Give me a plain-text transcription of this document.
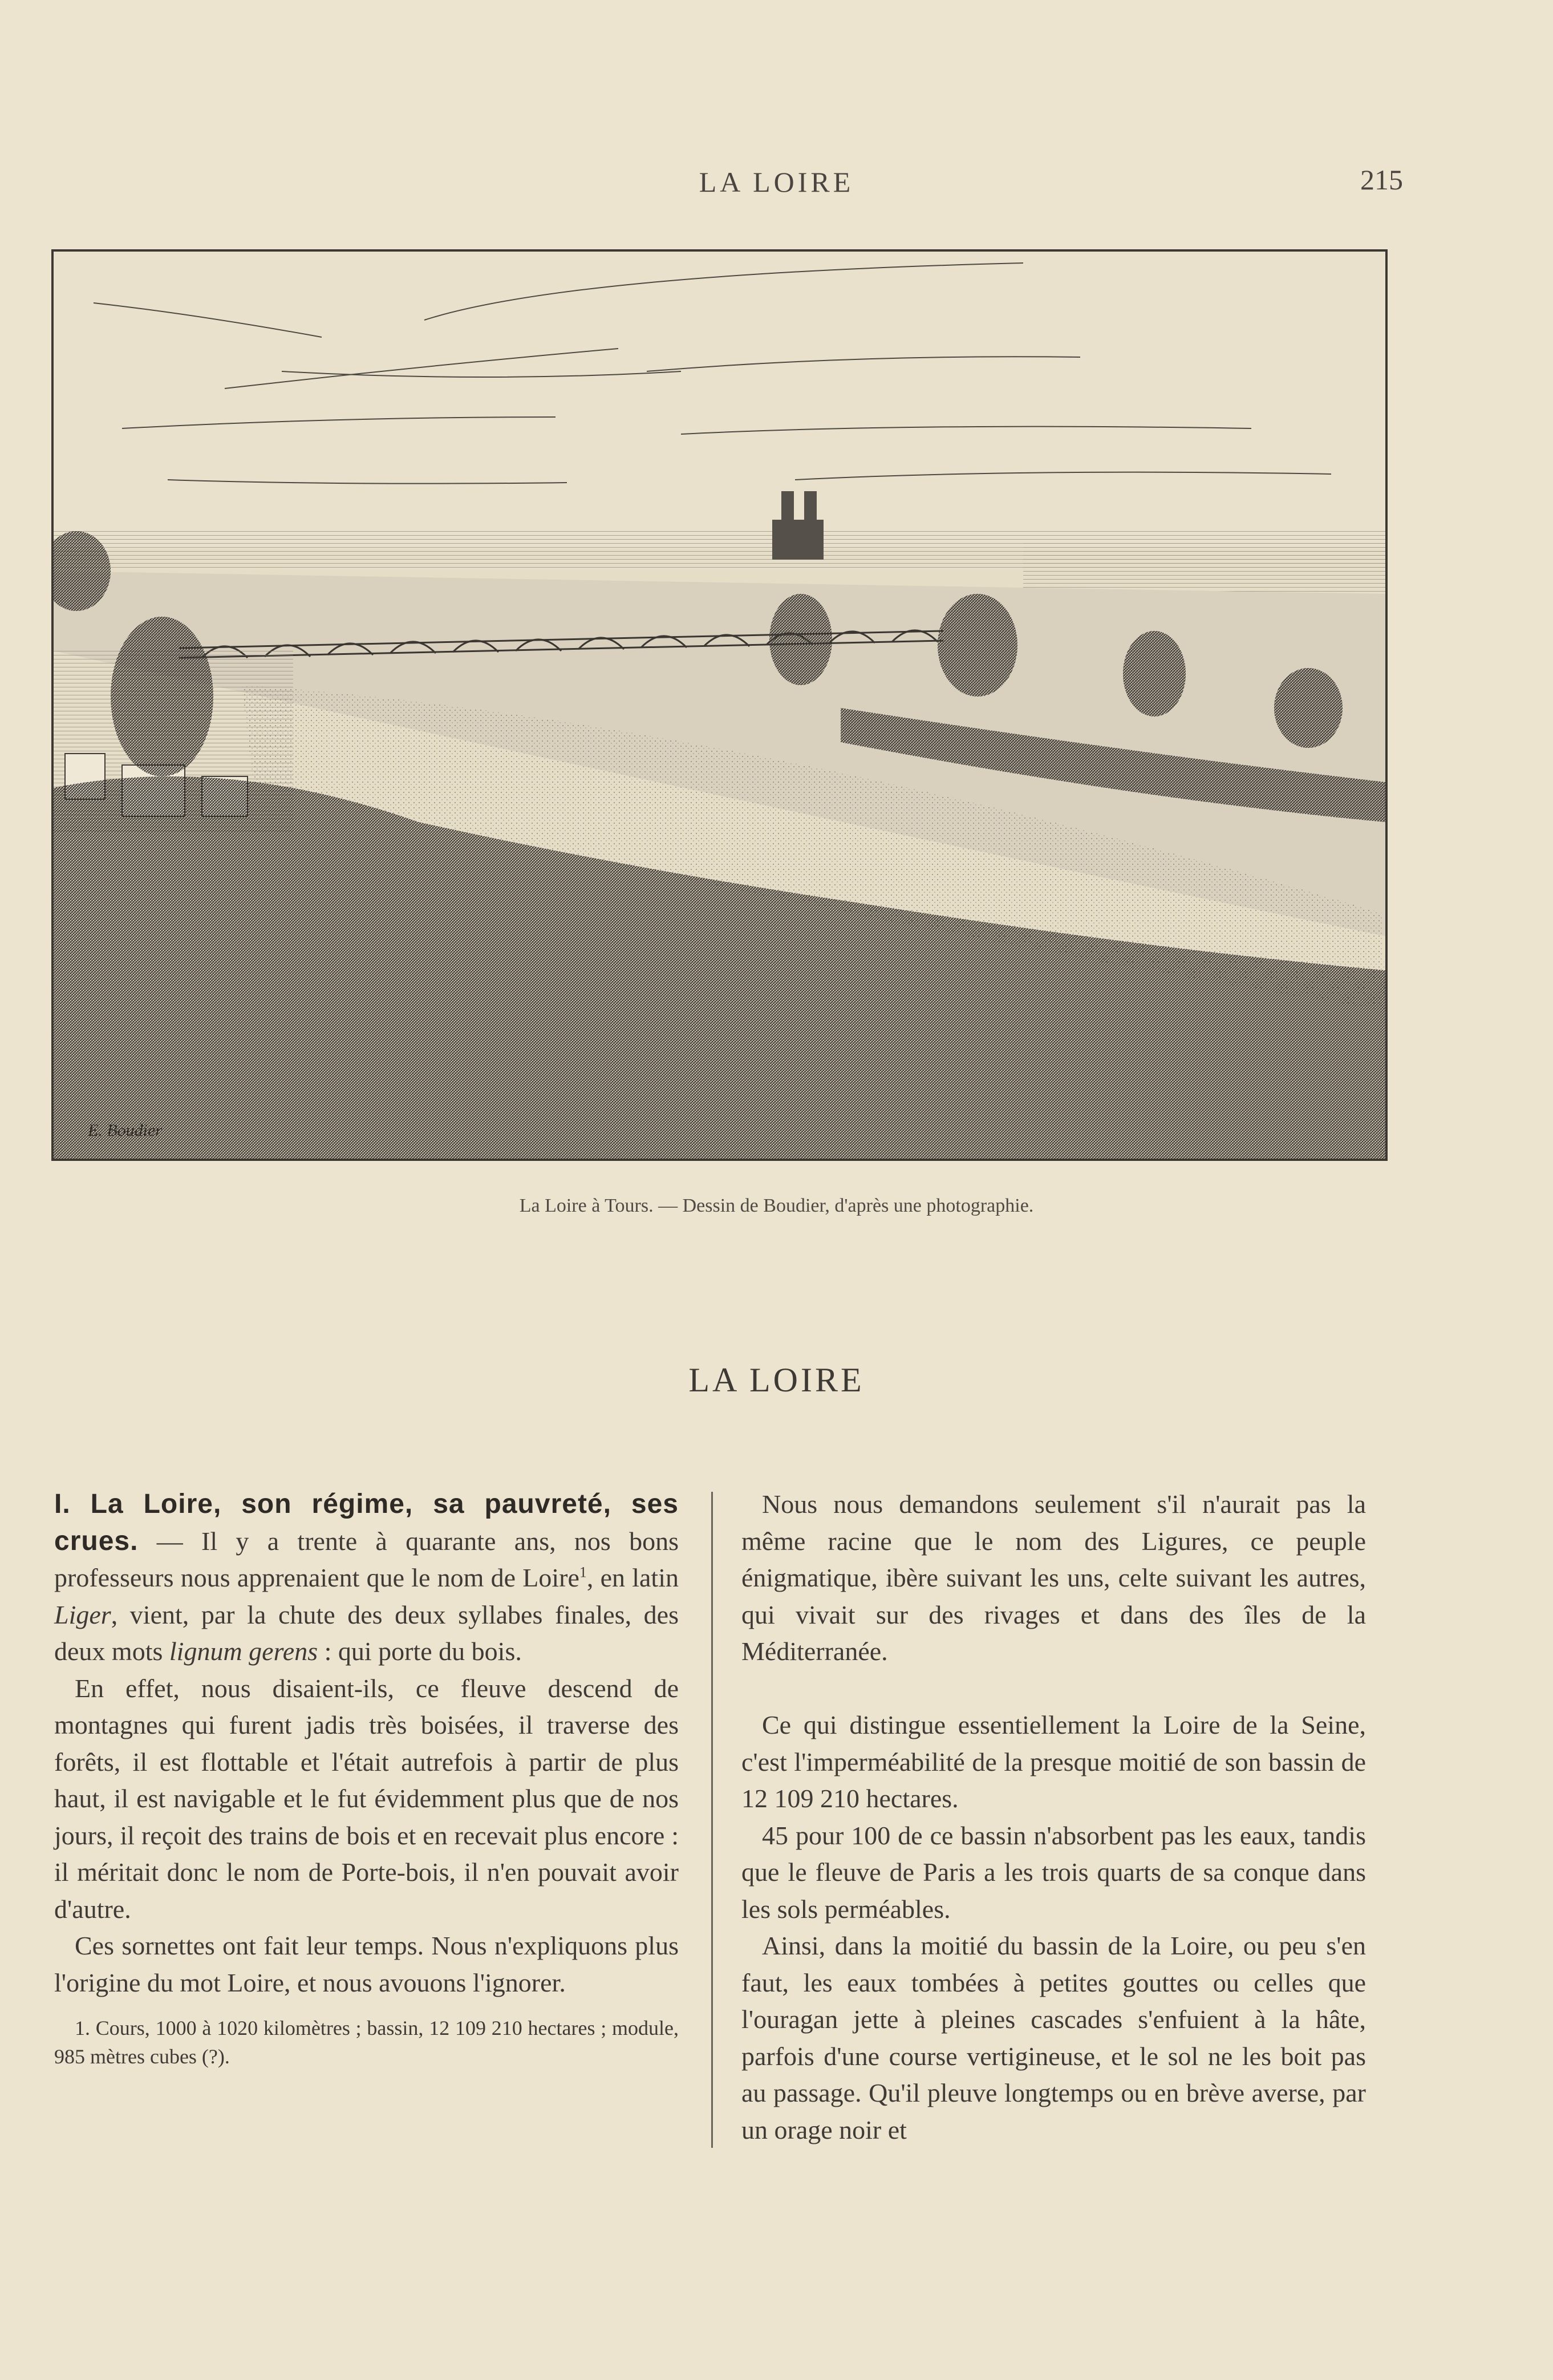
LA LOIRE	215
E. Boudier
La Loire à Tours. — Dessin de Boudier, d'après une photographie.
LA LOIRE

I. La Loire, son régime, sa pauvreté, ses crues. — Il y a trente à quarante ans, nos bons professeurs nous apprenaient que le nom de Loire$^1$, en latin Liger, vient, par la chute des deux syllabes finales, des deux mots lignum gerens : qui porte du bois.

En effet, nous disaient-ils, ce fleuve descend de montagnes qui furent jadis très boisées, il traverse des forêts, il est flottable et l'était autrefois à partir de plus haut, il est navigable et le fut évidemment plus que de nos jours, il reçoit des trains de bois et en recevait plus encore : il méritait donc le nom de Porte-bois, il n'en pouvait avoir d'autre.

Ces sornettes ont fait leur temps. Nous n'expliquons plus l'origine du mot Loire, et nous avouons l'ignorer.

1. Cours, 1000 à 1020 kilomètres ; bassin, 12 109 210 hectares ; module, 985 mètres cubes (?).

Nous nous demandons seulement s'il n'aurait pas la même racine que le nom des Ligures, ce peuple énigmatique, ibère suivant les uns, celte suivant les autres, qui vivait sur des rivages et dans des îles de la Méditerranée.

Ce qui distingue essentiellement la Loire de la Seine, c'est l'imperméabilité de la presque moitié de son bassin de 12 109 210 hectares.

45 pour 100 de ce bassin n'absorbent pas les eaux, tandis que le fleuve de Paris a les trois quarts de sa conque dans les sols perméables.

Ainsi, dans la moitié du bassin de la Loire, ou peu s'en faut, les eaux tombées à petites gouttes ou celles que l'ouragan jette à pleines cascades s'enfuient à la hâte, parfois d'une course vertigineuse, et le sol ne les boit pas au passage. Qu'il pleuve longtemps ou en brève averse, par un orage noir et
